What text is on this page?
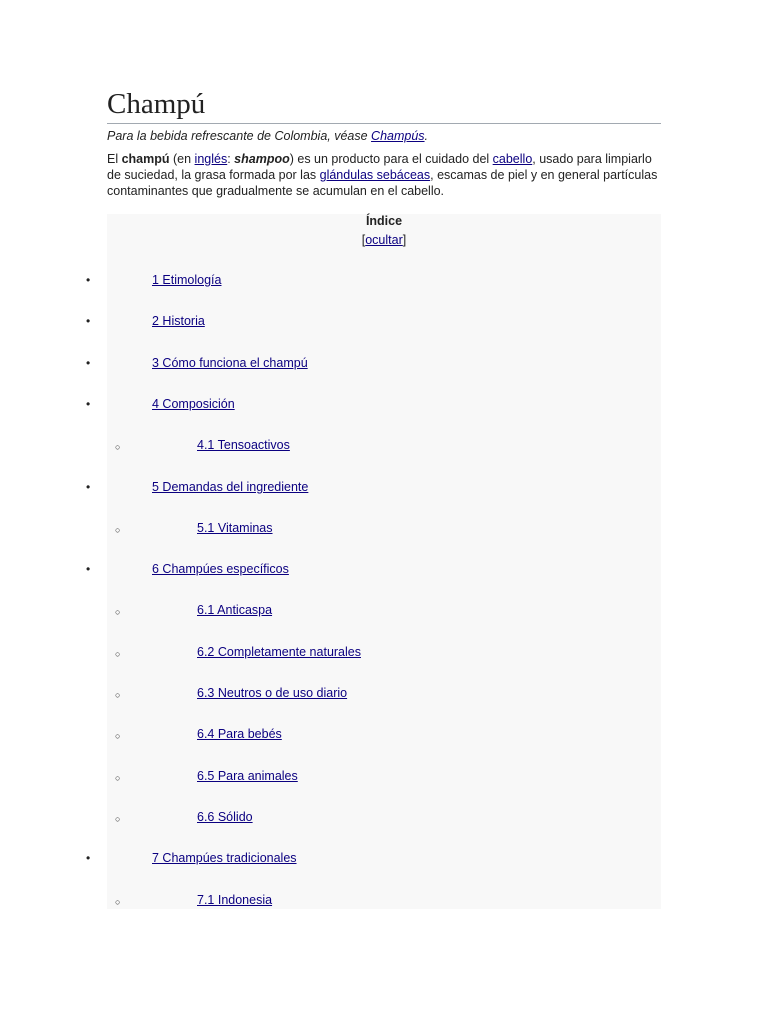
Champú
Para la bebida refrescante de Colombia, véase Champús.

El champú (en inglés: shampoo) es un producto para el cuidado del cabello, usado para limpiarlo de suciedad, la grasa formada por las glándulas sebáceas, escamas de piel y en general partículas contaminantes que gradualmente se acumulan en el cabello.

Índice
[ocultar]
•	1 Etimología
•	2 Historia
•	3 Cómo funciona el champú
•	4 Composición
○	4.1 Tensoactivos
•	5 Demandas del ingrediente
○	5.1 Vitaminas
•	6 Champúes específicos
○	6.1 Anticaspa
○	6.2 Completamente naturales
○	6.3 Neutros o de uso diario
○	6.4 Para bebés
○	6.5 Para animales
○	6.6 Sólido
•	7 Champúes tradicionales
○	7.1 Indonesia
